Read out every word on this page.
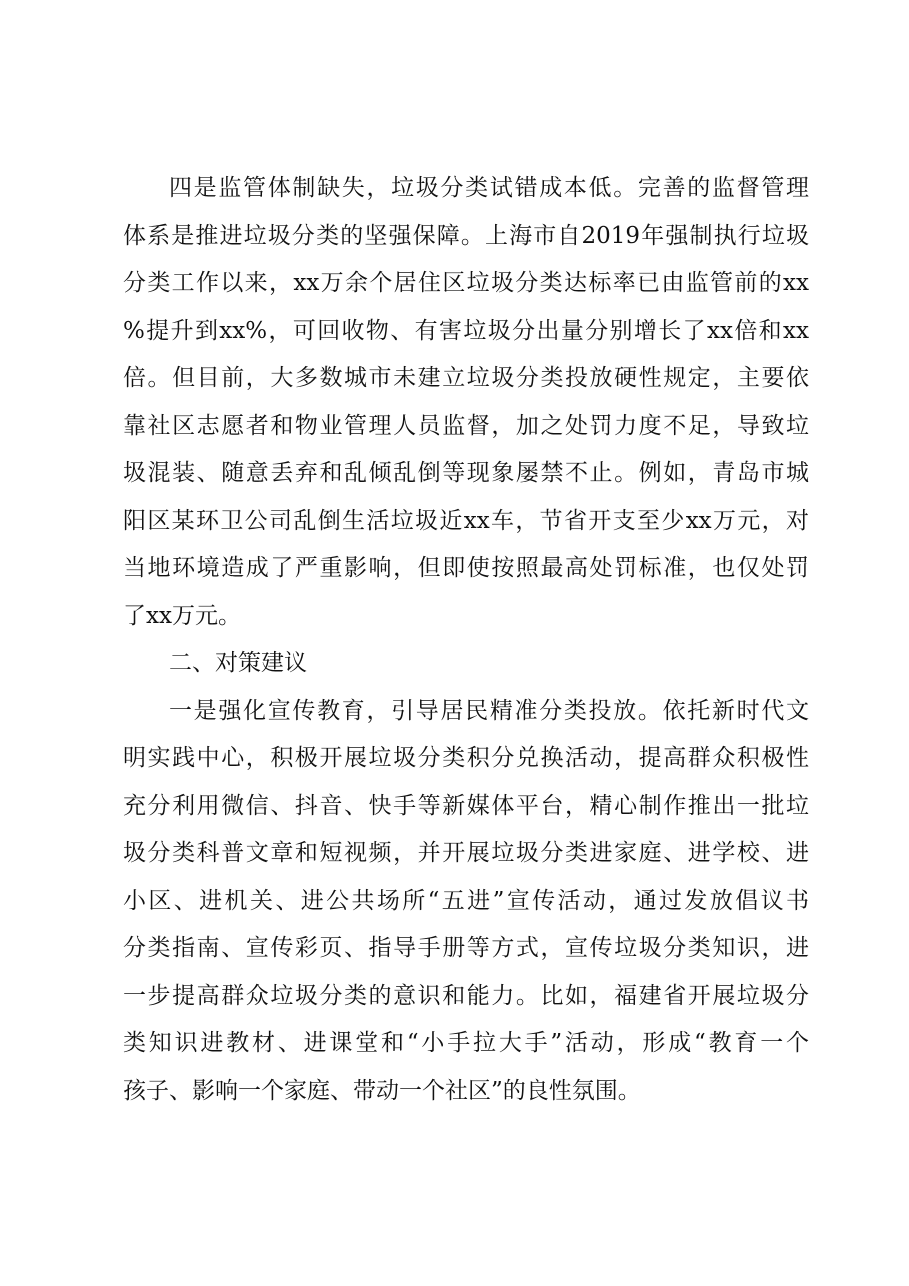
四是监管体制缺失，垃圾分类试错成本低。完善的监督管理
体系是推进垃圾分类的坚强保障。上海市自2019年强制执行垃圾
分类工作以来，xx万余个居住区垃圾分类达标率已由监管前的xx
%提升到xx%，可回收物、有害垃圾分出量分别增长了xx倍和xx
倍。但目前，大多数城市未建立垃圾分类投放硬性规定，主要依
靠社区志愿者和物业管理人员监督，加之处罚力度不足，导致垃
圾混装、随意丢弃和乱倾乱倒等现象屡禁不止。例如，青岛市城
阳区某环卫公司乱倒生活垃圾近xx车，节省开支至少xx万元，对
当地环境造成了严重影响，但即使按照最高处罚标准，也仅处罚
了xx万元。
二、对策建议
一是强化宣传教育，引导居民精准分类投放。依托新时代文
明实践中心，积极开展垃圾分类积分兑换活动，提高群众积极性
充分利用微信、抖音、快手等新媒体平台，精心制作推出一批垃
圾分类科普文章和短视频，并开展垃圾分类进家庭、进学校、进
小区、进机关、进公共场所“五进”宣传活动，通过发放倡议书
分类指南、宣传彩页、指导手册等方式，宣传垃圾分类知识，进
一步提高群众垃圾分类的意识和能力。比如，福建省开展垃圾分
类知识进教材、进课堂和“小手拉大手”活动，形成“教育一个
孩子、影响一个家庭、带动一个社区”的良性氛围。
